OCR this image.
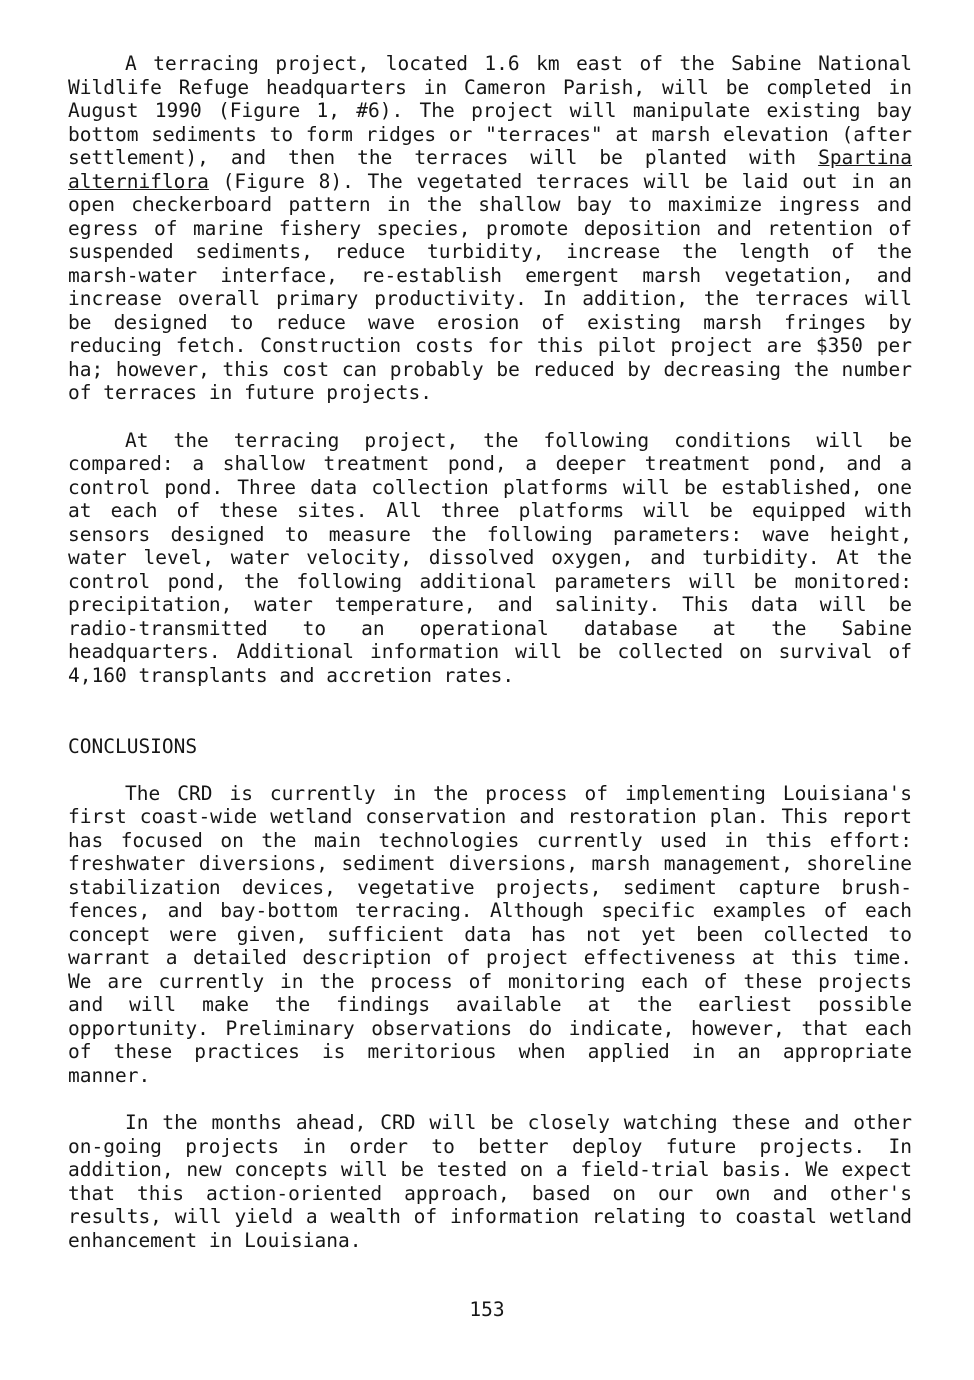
A terracing project, located 1.6 km east of the Sabine National Wildlife Refuge headquarters in Cameron Parish, will be completed in August 1990 (Figure 1, #6). The project will manipulate existing bay bottom sediments to form ridges or "terraces" at marsh elevation (after settlement), and then the terraces will be planted with Spartina alterniflora (Figure 8). The vegetated terraces will be laid out in an open checkerboard pattern in the shallow bay to maximize ingress and egress of marine fishery species, promote deposition and retention of suspended sediments, reduce turbidity, increase the length of the marsh-water interface, re-establish emergent marsh vegetation, and increase overall primary productivity. In addition, the terraces will be designed to reduce wave erosion of existing marsh fringes by reducing fetch. Construction costs for this pilot project are $350 per ha; however, this cost can probably be reduced by decreasing the number of terraces in future projects.

At the terracing project, the following conditions will be compared: a shallow treatment pond, a deeper treatment pond, and a control pond. Three data collection platforms will be established, one at each of these sites. All three platforms will be equipped with sensors designed to measure the following parameters: wave height, water level, water velocity, dissolved oxygen, and turbidity. At the control pond, the following additional parameters will be monitored: precipitation, water temperature, and salinity. This data will be radio-transmitted to an operational database at the Sabine headquarters. Additional information will be collected on survival of 4,160 transplants and accretion rates.

CONCLUSIONS

The CRD is currently in the process of implementing Louisiana's first coast-wide wetland conservation and restoration plan. This report has focused on the main technologies currently used in this effort: freshwater diversions, sediment diversions, marsh management, shoreline stabilization devices, vegetative projects, sediment capture brush-fences, and bay-bottom terracing. Although specific examples of each concept were given, sufficient data has not yet been collected to warrant a detailed description of project effectiveness at this time. We are currently in the process of monitoring each of these projects and will make the findings available at the earliest possible opportunity. Preliminary observations do indicate, however, that each of these practices is meritorious when applied in an appropriate manner.

In the months ahead, CRD will be closely watching these and other on-going projects in order to better deploy future projects. In addition, new concepts will be tested on a field-trial basis. We expect that this action-oriented approach, based on our own and other's results, will yield a wealth of information relating to coastal wetland enhancement in Louisiana.

153
